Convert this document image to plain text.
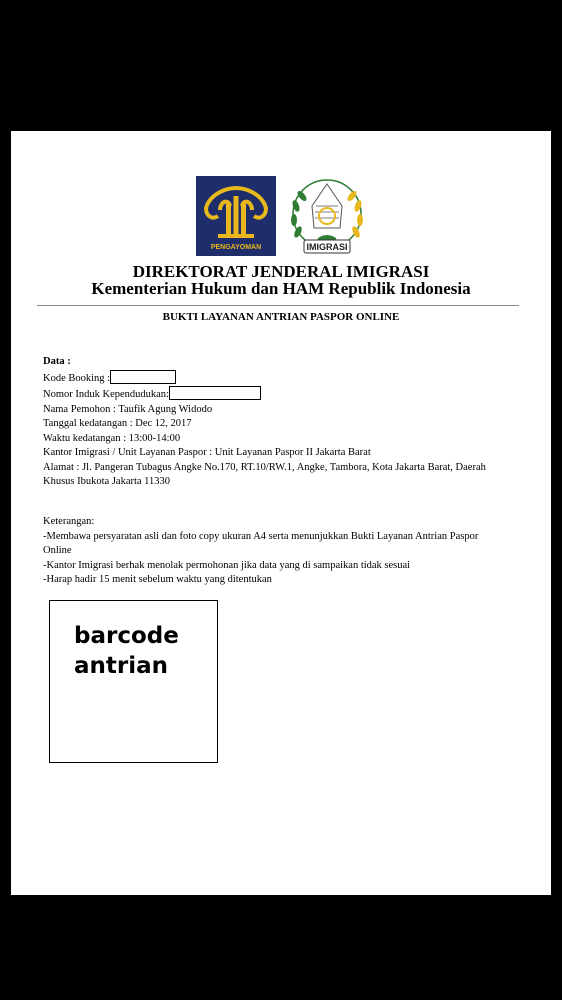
PENGAYOMAN	IMIGRASI
DIREKTORAT JENDERAL IMIGRASI
Kementerian Hukum dan HAM Republik Indonesia
BUKTI LAYANAN ANTRIAN PASPOR ONLINE
Data :
Kode Booking :
Nomor Induk Kependudukan:
Nama Pemohon : Taufik Agung Widodo
Tanggal kedatangan : Dec 12, 2017
Waktu kedatangan : 13:00-14:00
Kantor Imigrasi / Unit Layanan Paspor : Unit Layanan Paspor II Jakarta Barat
Alamat : Jl. Pangeran Tubagus Angke No.170, RT.10/RW.1, Angke, Tambora, Kota Jakarta Barat, Daerah
Khusus Ibukota Jakarta 11330
Keterangan:
-Membawa persyaratan asli dan foto copy ukuran A4 serta menunjukkan Bukti Layanan Antrian Paspor
Online
-Kantor Imigrasi berhak menolak permohonan jika data yang di sampaikan tidak sesuai
-Harap hadir 15 menit sebelum waktu yang ditentukan
barcode
antrian
